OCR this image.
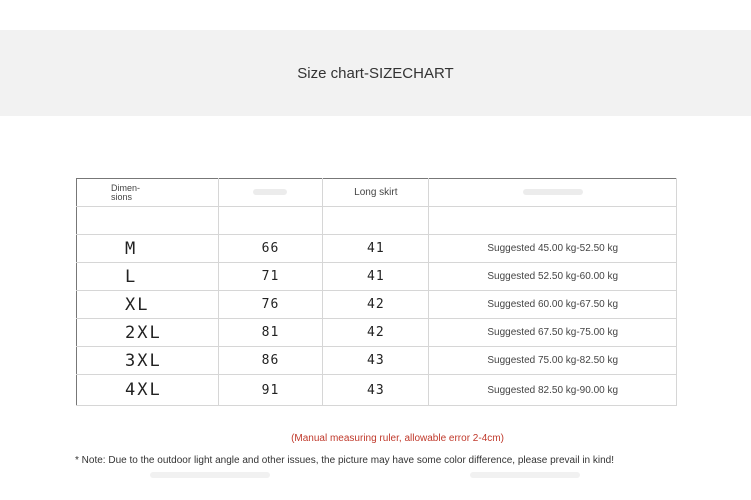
Size chart-SIZECHART
Dimen-
sions		Long skirt	

M	66	41	Suggested 45.00 kg-52.50 kg
L	71	41	Suggested 52.50 kg-60.00 kg
XL	76	42	Suggested 60.00 kg-67.50 kg
2XL	81	42	Suggested 67.50 kg-75.00 kg
3XL	86	43	Suggested 75.00 kg-82.50 kg
4XL	91	43	Suggested 82.50 kg-90.00 kg
(Manual measuring ruler, allowable error 2-4cm)
* Note: Due to the outdoor light angle and other issues, the picture may have some color difference, please prevail in kind!
